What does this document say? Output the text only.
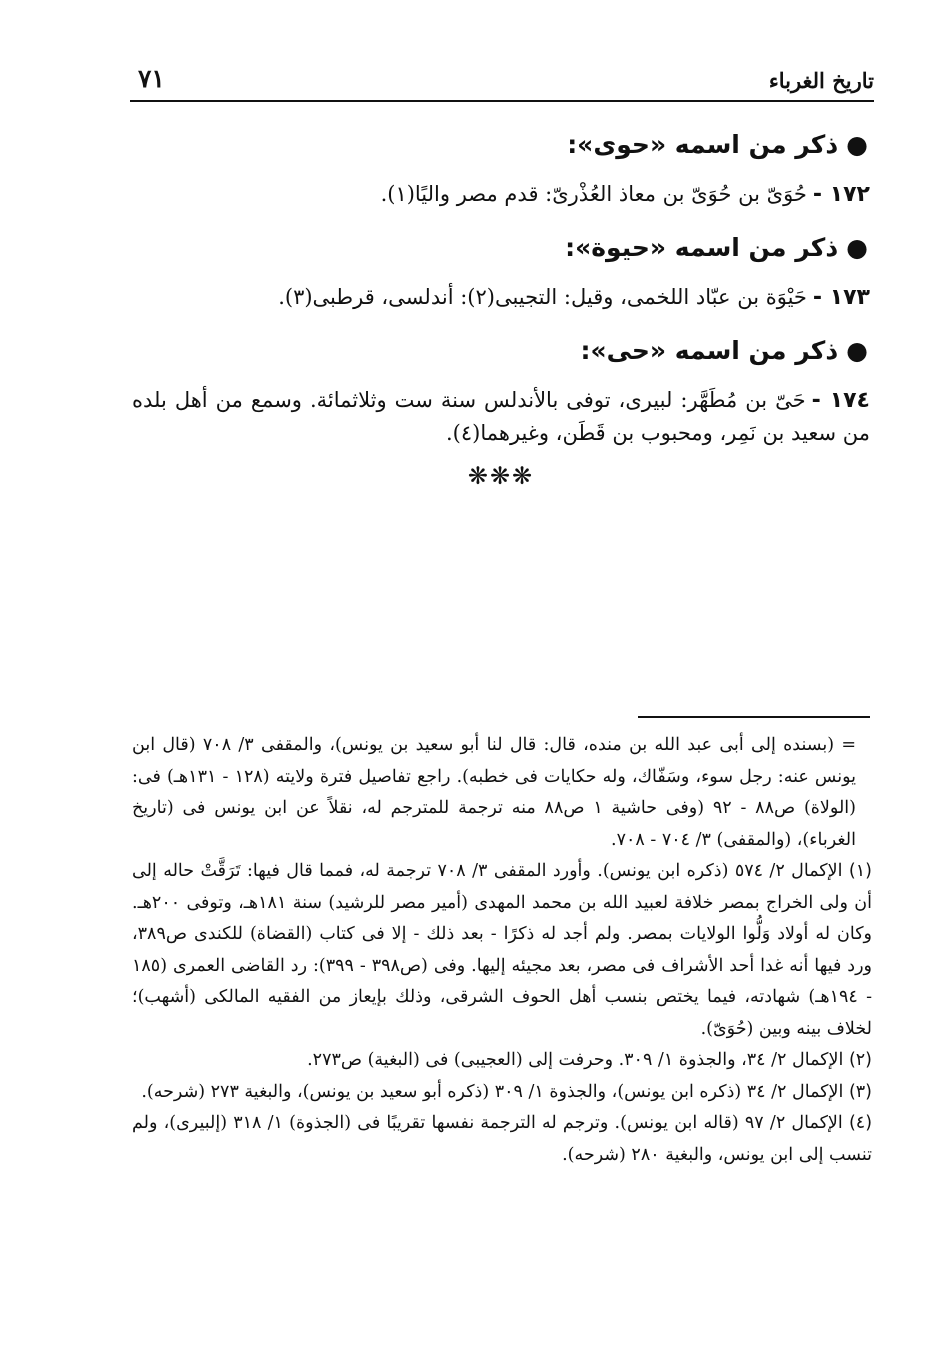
تاريخ الغرباء
٧١
●ذكر من اسمه «حوى»:

١٧٢ -حُوَىّ بن حُوَىّ بن معاذ العُذْرىّ: قدم مصر واليًا(١).

●ذكر من اسمه «حيوة»:

١٧٣ -حَيْوَة بن عبّاد اللخمى، وقيل: التجيبى(٢): أندلسى، قرطبى(٣).

●ذكر من اسمه «حى»:

١٧٤ -حَىّ بن مُطَهَّر: لبيرى، توفى بالأندلس سنة ست وثلاثمائة. وسمع من أهل بلده من سعيد بن نَمِر، ومحبوب بن قَطَن، وغيرهما(٤).

❋❋❋

= (بسنده إلى أبى عبد الله بن منده، قال: قال لنا أبو سعيد بن يونس)، والمقفى ٣/ ٧٠٨ (قال ابن يونس عنه: رجل سوء، وسَفّاك، وله حكايات فى خطبه). راجع تفاصيل فترة ولايته (١٢٨ - ١٣١هـ) فى: (الولاة) ص٨٨ - ٩٢ (وفى حاشية ١ ص٨٨ منه ترجمة للمترجم له، نقلاً عن ابن يونس فى (تاريخ الغرباء)، (والمقفى) ٣/ ٧٠٤ - ٧٠٨.

(١) الإكمال ٢/ ٥٧٤ (ذكره ابن يونس). وأورد المقفى ٣/ ٧٠٨ ترجمة له، فمما قال فيها: تَرَقَّتْ حاله إلى أن ولى الخراج بمصر خلافة لعبيد الله بن محمد المهدى (أمير مصر للرشيد) سنة ١٨١هـ، وتوفى ٢٠٠هـ. وكان له أولاد وَلُّوا الولايات بمصر. ولم أجد له ذكرًا - بعد ذلك - إلا فى كتاب (القضاة) للكندى ص٣٨٩، ورد فيها أنه غدا أحد الأشراف فى مصر، بعد مجيئه إليها. وفى (ص٣٩٨ - ٣٩٩): رد القاضى العمرى (١٨٥ - ١٩٤هـ) شهادته، فيما يختص بنسب أهل الحوف الشرقى، وذلك بإيعاز من الفقيه المالكى (أشهب)؛ لخلاف بينه وبين (حُوَىّ).

(٢) الإكمال ٢/ ٣٤، والجذوة ١/ ٣٠٩. وحرفت إلى (العجيبى) فى (البغية) ص٢٧٣.

(٣) الإكمال ٢/ ٣٤ (ذكره ابن يونس)، والجذوة ١/ ٣٠٩ (ذكره أبو سعيد بن يونس)، والبغية ٢٧٣ (شرحه).

(٤) الإكمال ٢/ ٩٧ (قاله ابن يونس). وترجم له الترجمة نفسها تقريبًا فى (الجذوة) ١/ ٣١٨ (إلبيرى)، ولم تنسب إلى ابن يونس، والبغية ٢٨٠ (شرحه).
